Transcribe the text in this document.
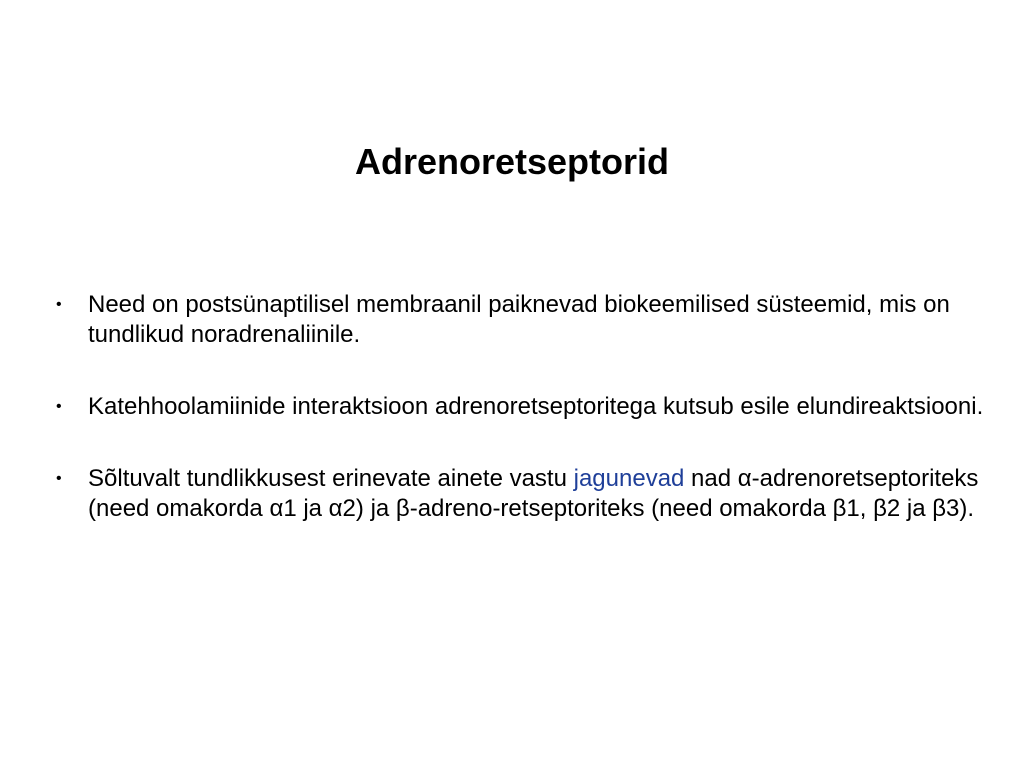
Adrenoretseptorid
• Need on postsünaptilisel membraanil paiknevad biokeemilised süsteemid, mis on tundlikud noradrenaliinile.
• Katehhoolamiinide interaktsioon adrenoretseptoritega kutsub esile elundireaktsiooni.
• Sõltuvalt tundlikkusest erinevate ainete vastu jagunevad nad α-adrenoretseptoriteks (need omakorda α1 ja α2) ja β-adreno-retseptoriteks (need omakorda β1, β2 ja β3).
